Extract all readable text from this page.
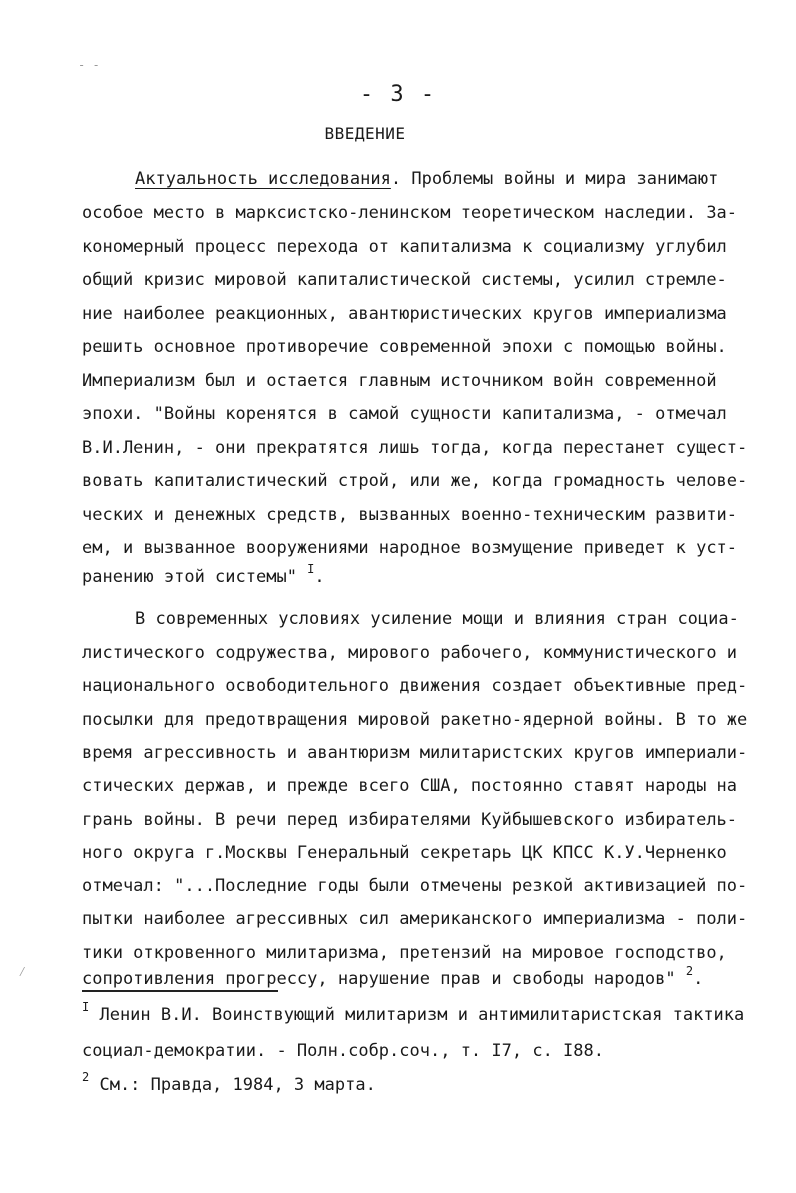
- -
- 3 -
ВВЕДЕНИЕ
Актуальность исследования. Проблемы войны и мира занимают
особое место в марксистско-ленинском теоретическом наследии. За-
кономерный процесс перехода от капитализма к социализму углубил
общий кризис мировой капиталистической системы, усилил стремле-
ние наиболее реакционных, авантюристических кругов империализма
решить основное противоречие современной эпохи с помощью войны.
Империализм был и остается главным источником войн современной
эпохи. "Войны коренятся в самой сущности капитализма, - отмечал
В.И.Ленин, - они прекратятся лишь тогда, когда перестанет сущест-
вовать капиталистический строй, или же, когда громадность челове-
ческих и денежных средств, вызванных военно-техническим развити-
ем, и вызванное вооружениями народное возмущение приведет к уст-
ранению этой системы" $^I$.
В современных условиях усиление мощи и влияния стран социа-
листического содружества, мирового рабочего, коммунистического и
национального освободительного движения создает объективные пред-
посылки для предотвращения мировой ракетно-ядерной войны. В то же
время агрессивность и авантюризм милитаристских кругов империали-
стических держав, и прежде всего США, постоянно ставят народы на
грань войны. В речи перед избирателями Куйбышевского избиратель-
ного округа г.Москвы Генеральный секретарь ЦК КПСС К.У.Черненко
отмечал: "...Последние годы были отмечены резкой активизацией по-
пытки наиболее агрессивных сил американского империализма - поли-
тики откровенного милитаризма, претензий на мировое господство,
сопротивления прогрессу, нарушение прав и свободы народов" $^2$.
⁄
$^I$ Ленин В.И. Воинствующий милитаризм и антимилитаристская тактика
социал-демократии. - Полн.собр.соч., т. I7, с. I88.
$^2$ См.: Правда, 1984, 3 марта.
